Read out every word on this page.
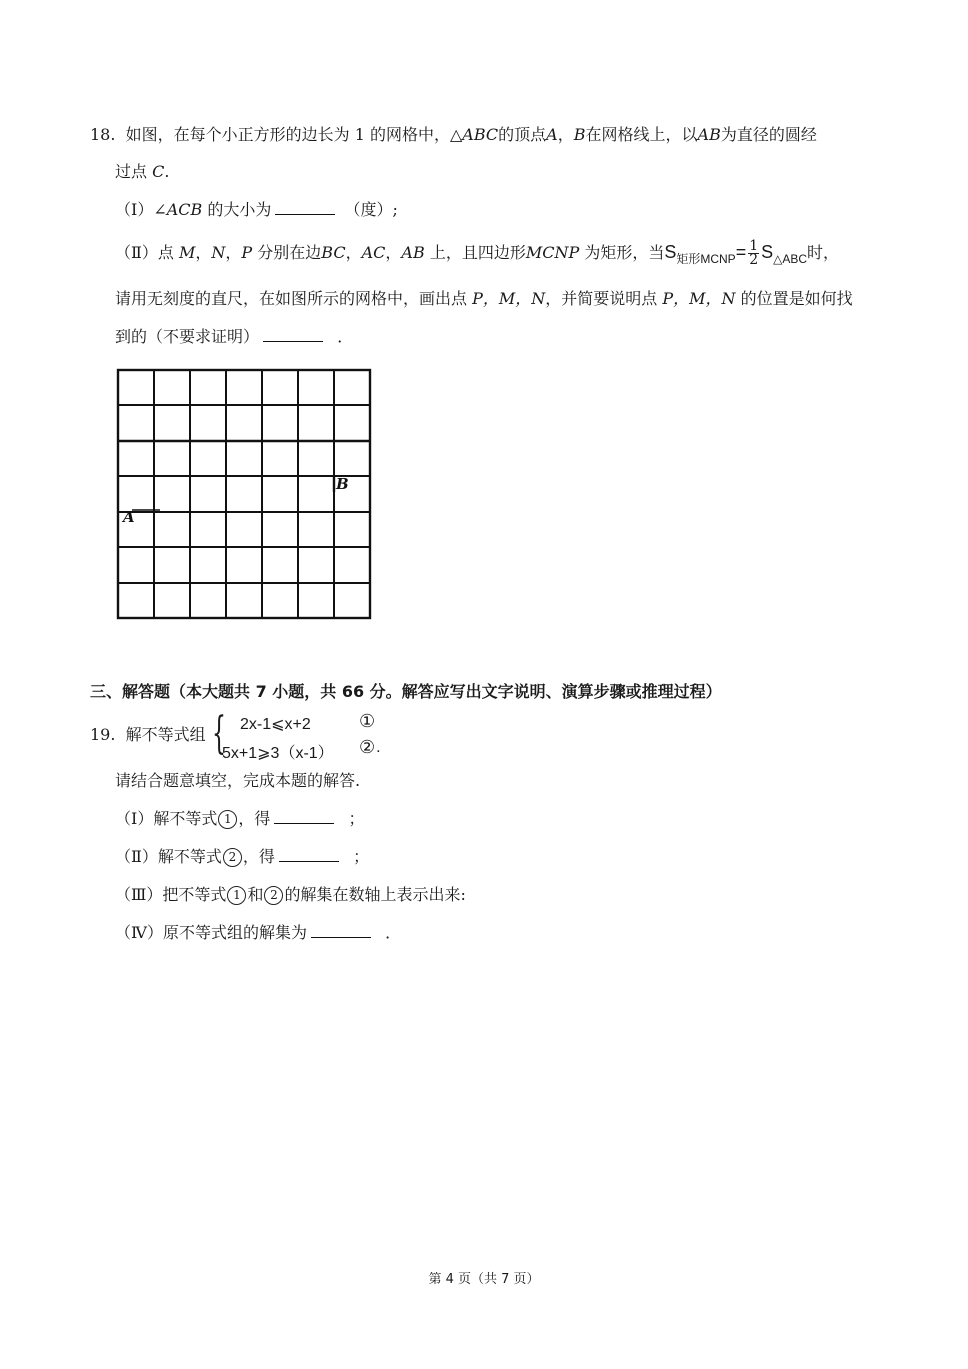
18. 如图，在每个小正方形的边长为 1 的网格中，△ABC的顶点A，B在网格线上，以AB为直径的圆经
过点 C.
（Ⅰ）∠ACB 的大小为	（度）;
（Ⅱ）点 M，N，P 分别在边BC，AC，AB 上，且四边形MCNP 为矩形，当$S_{矩形MCNP}= \frac{1}{2} S_{\triangle ABC}$时，
请用无刻度的直尺，在如图所示的网格中，画出点 P，M，N，并简要说明点 P，M，N 的位置是如何找
到的（不要求证明）	．
A
B
三、解答题（本大题共 7 小题，共 66 分。解答应写出文字说明、演算步骤或推理过程）
19. 解不等式组 { 2x-1⩽x+2	①
5x+1⩾3（x-1） ②.
请结合题意填空，完成本题的解答.
（Ⅰ）解不等式 1 ，得	；
（Ⅱ）解不等式 2 ，得	；
（Ⅲ）把不等式 1 和 2 的解集在数轴上表示出来:
（Ⅳ）原不等式组的解集为	．
第 4 页（共 7 页）
